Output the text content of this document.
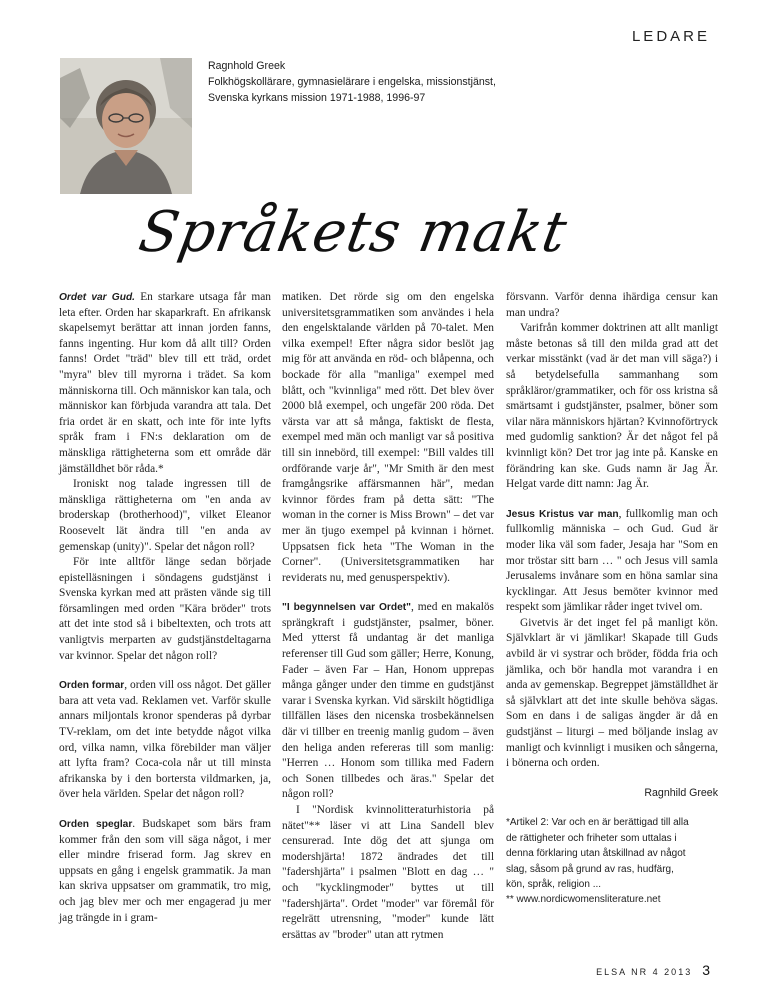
LEDARE
Ragnhold Greek
Folkhögskollärare, gymnasielärare i engelska, missionstjänst,
Svenska kyrkans mission 1971-1988, 1996-97
Språkets makt

Ordet var Gud. En starkare utsaga får man leta efter. Orden har skaparkraft. En afrikansk skapelsemyt berättar att innan jorden fanns, fanns ingenting. Hur kom då allt till? Orden fanns! Ordet "träd" blev till ett träd, ordet "myra" blev till myrorna i trädet. Sa kom människorna till. Och människor kan tala, och människor kan förbjuda varandra att tala. Det fria ordet är en skatt, och inte för inte lyfts språk fram i FN:s deklaration om de mänskliga rättigheterna som ett område där jämställdhet bör råda.*

Ironiskt nog talade ingressen till de mänskliga rättigheterna om "en anda av broderskap (brotherhood)", vilket Eleanor Roosevelt lät ändra till "en anda av gemenskap (unity)". Spelar det någon roll?

För inte alltför länge sedan började epistelläsningen i söndagens gudstjänst i Svenska kyrkan med att prästen vände sig till församlingen med orden "Kära bröder" trots att det inte stod så i bibeltexten, och trots att vanligtvis merparten av gudstjänstdeltagarna var kvinnor. Spelar det någon roll?

Orden formar, orden vill oss något. Det gäller bara att veta vad. Reklamen vet. Varför skulle annars miljontals kronor spenderas på dyrbar TV-reklam, om det inte betydde något vilka ord, vilka namn, vilka förebilder man väljer att lyfta fram? Coca-cola når ut till minsta afrikanska by i den bortersta vildmarken, ja, över hela världen. Spelar det någon roll?

Orden speglar. Budskapet som bärs fram kommer från den som vill säga något, i mer eller mindre friserad form. Jag skrev en uppsats en gång i engelsk grammatik. Ja man kan skriva uppsatser om grammatik, tro mig, och jag blev mer och mer engagerad ju mer jag trängde in i gram-

matiken. Det rörde sig om den engelska universitetsgrammatiken som användes i hela den engelsktalande världen på 70-talet. Men vilka exempel! Efter några sidor beslöt jag mig för att använda en röd- och blåpenna, och bockade för alla "manliga" exempel med blått, och "kvinnliga" med rött. Det blev över 2000 blå exempel, och ungefär 200 röda. Det värsta var att så många, faktiskt de flesta, exempel med män och manligt var så positiva till sin innebörd, till exempel: "Bill valdes till ordförande varje år", "Mr Smith är den mest framgångsrike affärsmannen här", medan kvinnor fördes fram på detta sätt: "The woman in the corner is Miss Brown" – det var mer än tjugo exempel på kvinnan i hörnet. Uppsatsen fick heta "The Woman in the Corner". (Universitetsgrammatiken har reviderats nu, med genusperspektiv).

"I begynnelsen var Ordet", med en makalös sprängkraft i gudstjänster, psalmer, böner. Med ytterst få undantag är det manliga referenser till Gud som gäller; Herre, Konung, Fader – även Far – Han, Honom upprepas många gånger under den timme en gudstjänst varar i Svenska kyrkan. Vid särskilt högtidliga tillfällen läses den nicenska trosbekännelsen där vi tillber en treenig manlig gudom – även den heliga anden refereras till som manlig: "Herren … Honom som tillika med Fadern och Sonen tillbedes och äras." Spelar det någon roll?

I "Nordisk kvinnolitteraturhistoria på nätet"** läser vi att Lina Sandell blev censurerad. Inte dög det att sjunga om modershjärta! 1872 ändrades det till "fadershjärta" i psalmen "Blott en dag … " och "kycklingmoder" byttes ut till "fadershjärta". Ordet "moder" var föremål för regelrätt utrensning, "moder" kunde lätt ersättas av "broder" utan att rytmen

försvann. Varför denna ihärdiga censur kan man undra?

Varifrån kommer doktrinen att allt manligt måste betonas så till den milda grad att det verkar misstänkt (vad är det man vill säga?) i så betydelsefulla sammanhang som språkläror/grammatiker, och för oss kristna så smärtsamt i gudstjänster, psalmer, böner som vilar nära människors hjärtan? Kvinnoförtryck med gudomlig sanktion? Är det något fel på kvinnligt kön? Det tror jag inte på. Kanske en förändring kan ske. Guds namn är Jag Är. Helgat varde ditt namn: Jag Är.

Jesus Kristus var man, fullkomlig man och fullkomlig människa – och Gud. Gud är moder lika väl som fader, Jesaja har "Som en mor tröstar sitt barn … " och Jesus vill samla Jerusalems invånare som en höna samlar sina kycklingar. Att Jesus bemöter kvinnor med respekt som jämlikar råder inget tvivel om.

Givetvis är det inget fel på manligt kön. Självklart är vi jämlikar! Skapade till Guds avbild är vi systrar och bröder, födda fria och jämlika, och bör handla mot varandra i en anda av gemenskap. Begreppet jämställdhet är så självklart att det inte skulle behöva sägas. Som en dans i de saligas ängder är då en gudstjänst – liturgi – med böljande inslag av manligt och kvinnligt i musiken och sångerna, i bönerna och orden.

Ragnhild Greek
*Artikel 2: Var och en är berättigad till alla
de rättigheter och friheter som uttalas i
denna förklaring utan åtskillnad av något
slag, såsom på grund av ras, hudfärg,
kön, språk, religion ...
** www.nordicwomensliterature.net
ELSA NR 4 2013 3
